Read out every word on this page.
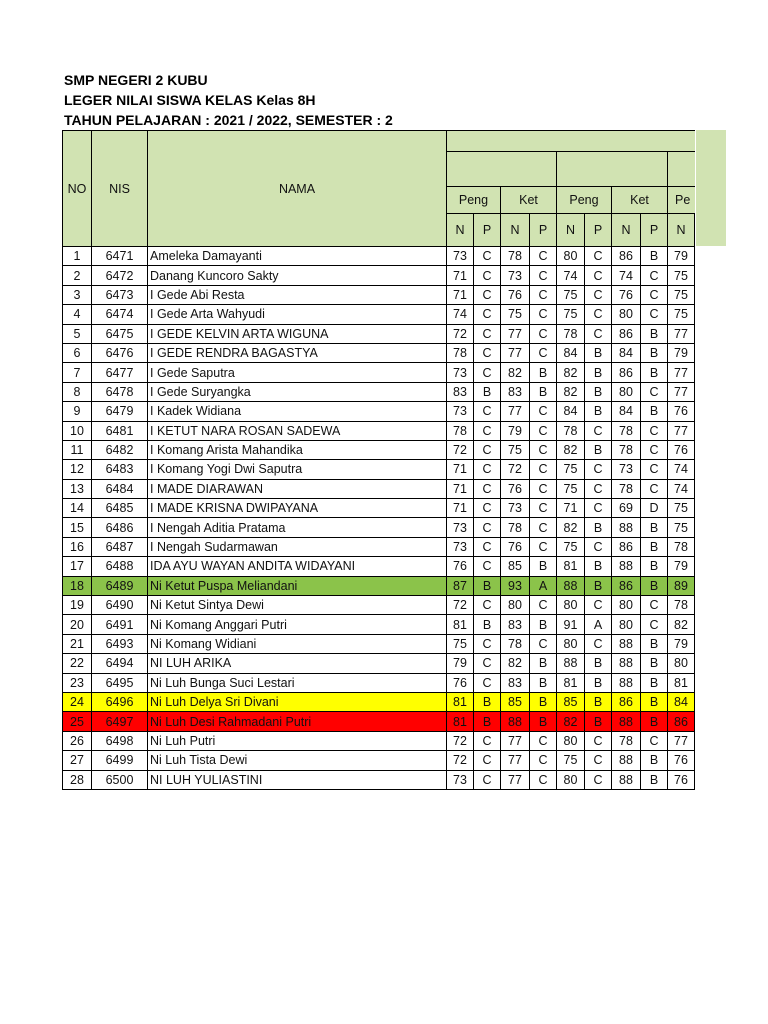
SMP NEGERI 2 KUBU
LEGER NILAI SISWA KELAS Kelas 8H
TAHUN PELAJARAN : 2021 / 2022, SEMESTER : 2
NO	NIS	NAMA									

			Peng		Ket		Peng		Ket		Pe
			N	P	N	P	N	P	N	P	N
1	6471	Ameleka Damayanti	73	C	78	C	80	C	86	B	79
2	6472	Danang Kuncoro Sakty	71	C	73	C	74	C	74	C	75
3	6473	I Gede Abi Resta	71	C	76	C	75	C	76	C	75
4	6474	I Gede Arta Wahyudi	74	C	75	C	75	C	80	C	75
5	6475	I GEDE KELVIN ARTA WIGUNA	72	C	77	C	78	C	86	B	77
6	6476	I GEDE RENDRA BAGASTYA	78	C	77	C	84	B	84	B	79
7	6477	I Gede Saputra	73	C	82	B	82	B	86	B	77
8	6478	I Gede Suryangka	83	B	83	B	82	B	80	C	77
9	6479	I Kadek Widiana	73	C	77	C	84	B	84	B	76
10	6481	I KETUT NARA ROSAN SADEWA	78	C	79	C	78	C	78	C	77
11	6482	I Komang Arista Mahandika	72	C	75	C	82	B	78	C	76
12	6483	I Komang Yogi Dwi Saputra	71	C	72	C	75	C	73	C	74
13	6484	I MADE DIARAWAN	71	C	76	C	75	C	78	C	74
14	6485	I MADE KRISNA DWIPAYANA	71	C	73	C	71	C	69	D	75
15	6486	I Nengah Aditia Pratama	73	C	78	C	82	B	88	B	75
16	6487	I Nengah Sudarmawan	73	C	76	C	75	C	86	B	78
17	6488	IDA AYU WAYAN ANDITA WIDAYANI	76	C	85	B	81	B	88	B	79
18	6489	Ni Ketut Puspa Meliandani	87	B	93	A	88	B	86	B	89
19	6490	Ni Ketut Sintya Dewi	72	C	80	C	80	C	80	C	78
20	6491	Ni Komang Anggari Putri	81	B	83	B	91	A	80	C	82
21	6493	Ni Komang Widiani	75	C	78	C	80	C	88	B	79
22	6494	NI LUH ARIKA	79	C	82	B	88	B	88	B	80
23	6495	Ni Luh Bunga Suci Lestari	76	C	83	B	81	B	88	B	81
24	6496	Ni Luh Delya Sri Divani	81	B	85	B	85	B	86	B	84
25	6497	Ni Luh Desi Rahmadani Putri	81	B	88	B	82	B	88	B	86
26	6498	Ni Luh Putri	72	C	77	C	80	C	78	C	77
27	6499	Ni Luh Tista Dewi	72	C	77	C	75	C	88	B	76
28	6500	NI LUH YULIASTINI	73	C	77	C	80	C	88	B	76
